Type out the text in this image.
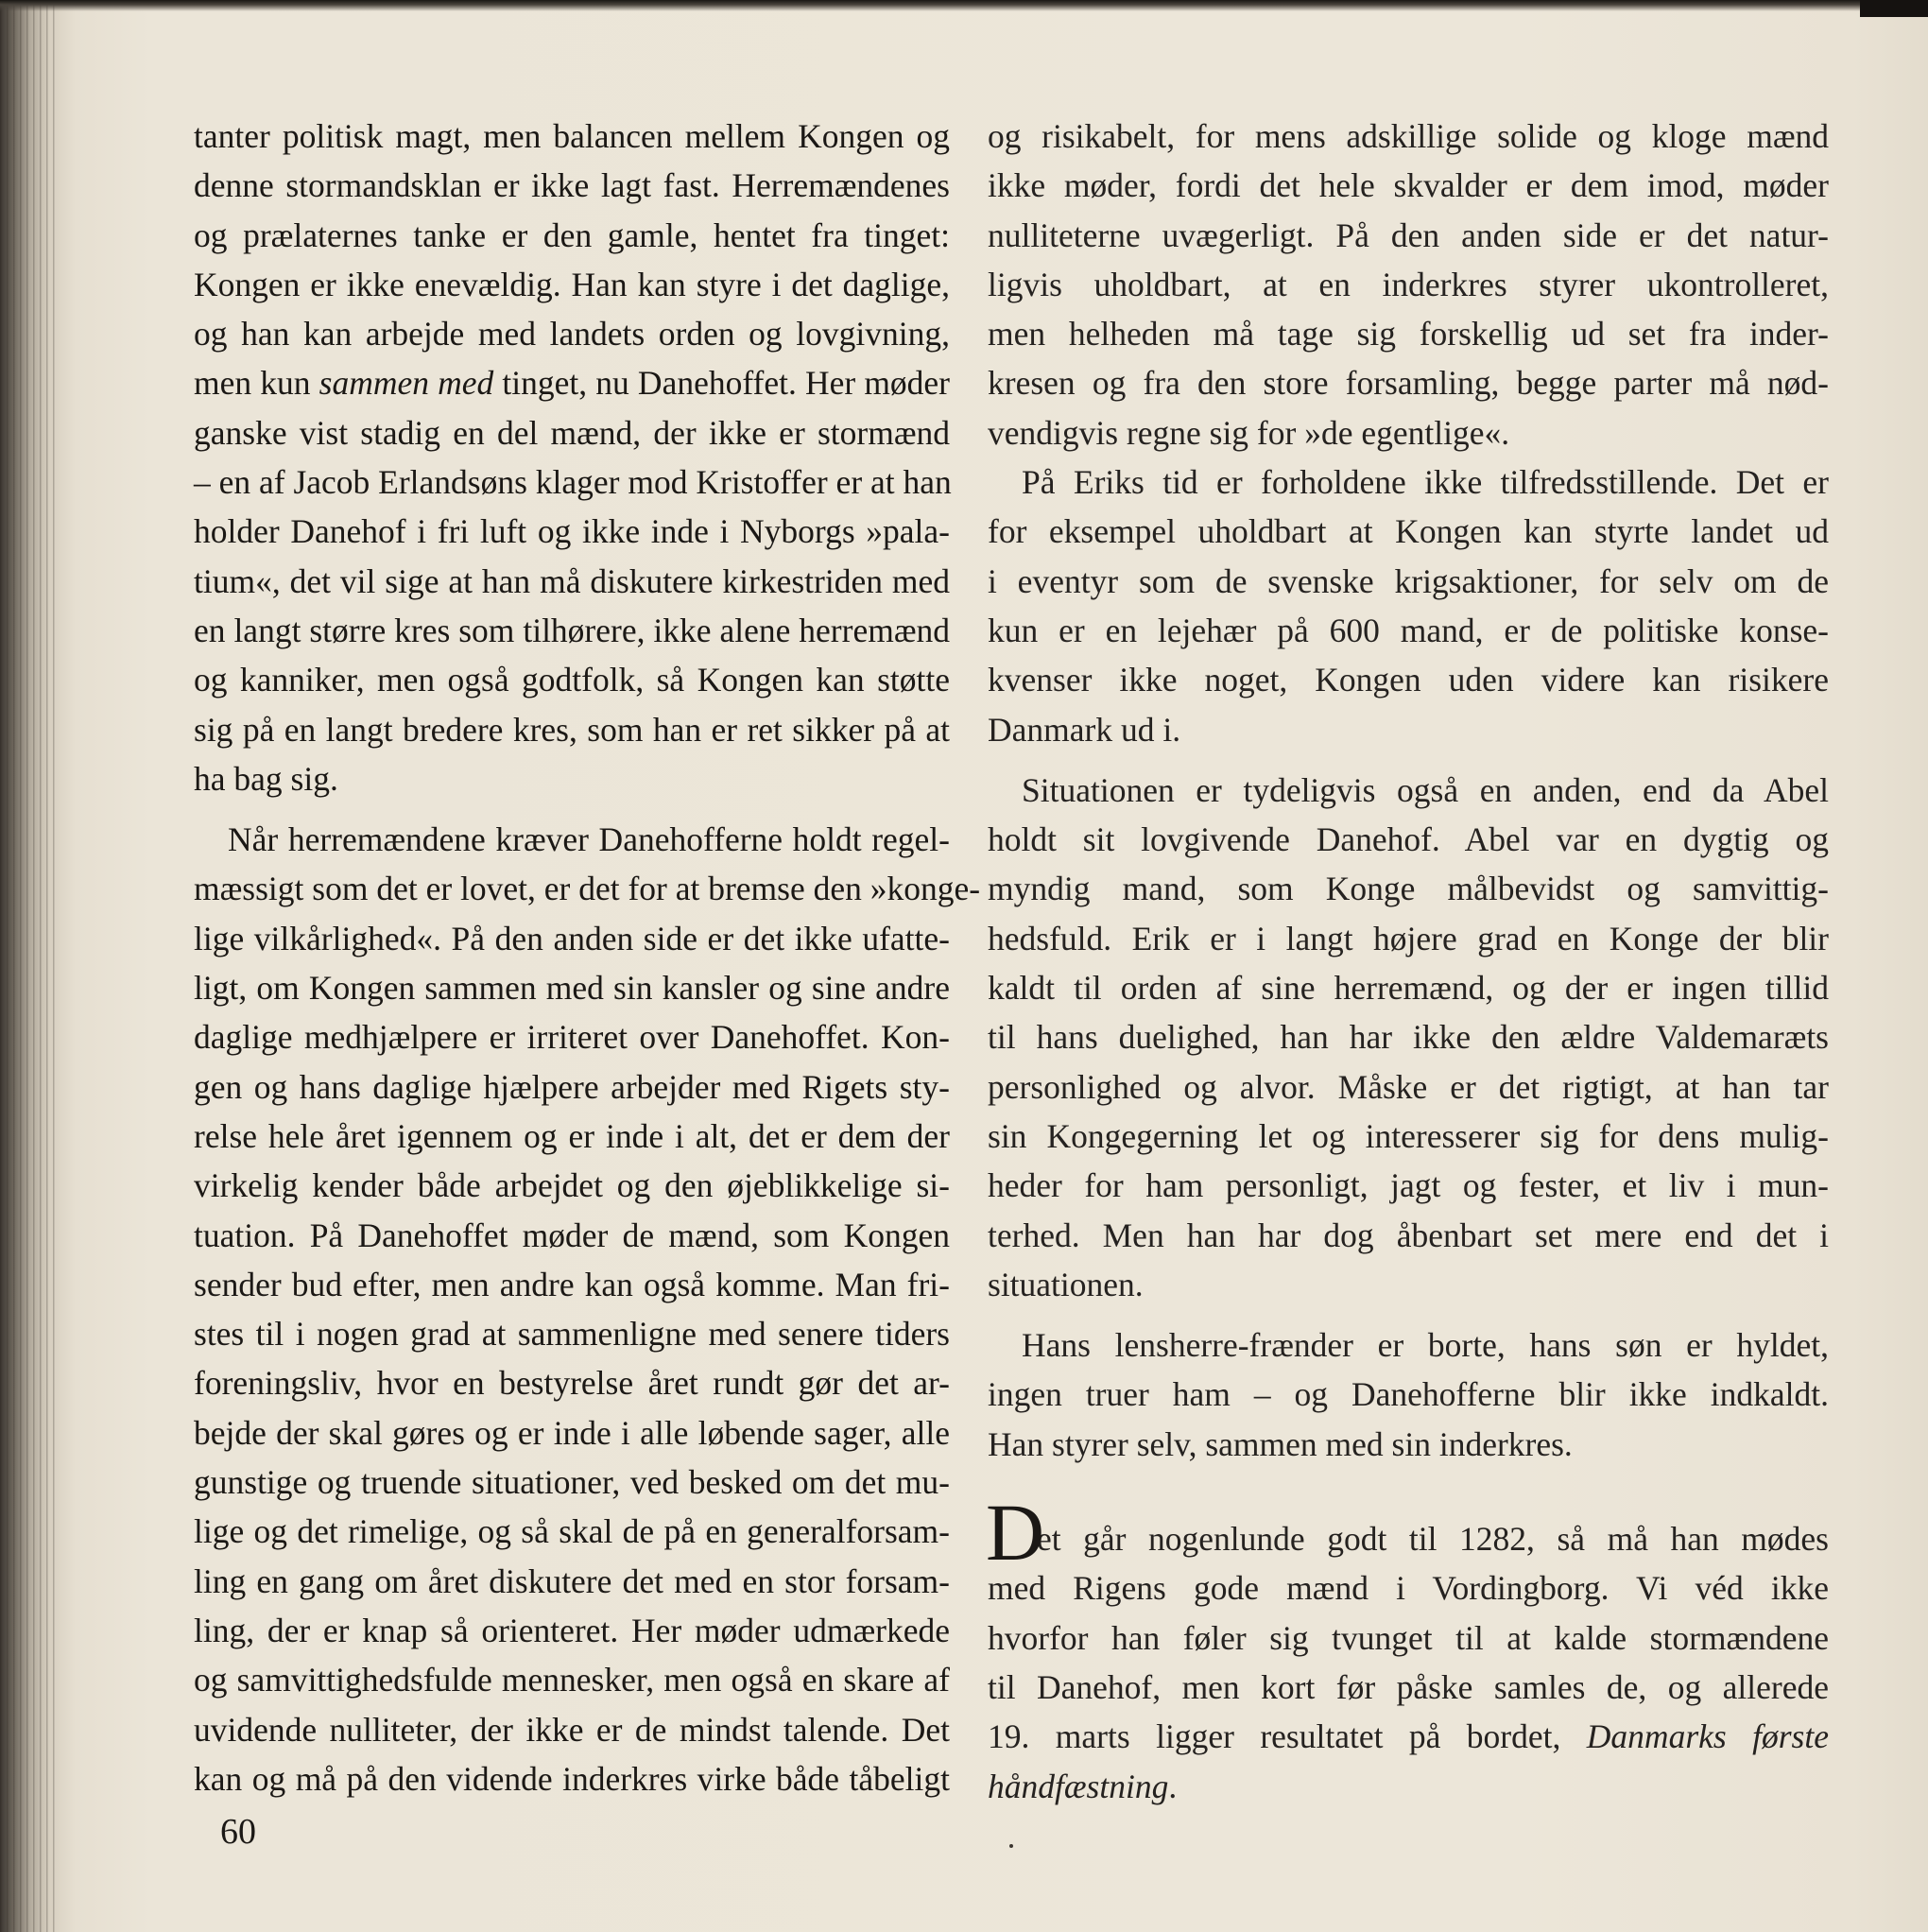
tanter politisk magt, men balancen mellem Kongen og
denne stormandsklan er ikke lagt fast. Herremændenes
og prælaternes tanke er den gamle, hentet fra tinget:
Kongen er ikke enevældig. Han kan styre i det daglige,
og han kan arbejde med landets orden og lovgivning,
men kun sammen med tinget, nu Danehoffet. Her møder
ganske vist stadig en del mænd, der ikke er stormænd
– en af Jacob Erlandsøns klager mod Kristoffer er at han
holder Danehof i fri luft og ikke inde i Nyborgs »pala-
tium«, det vil sige at han må diskutere kirkestriden med
en langt større kres som tilhørere, ikke alene herremænd
og kanniker, men også godtfolk, så Kongen kan støtte
sig på en langt bredere kres, som han er ret sikker på at
ha bag sig.
Når herremændene kræver Danehofferne holdt regel-
mæssigt som det er lovet, er det for at bremse den »konge-
lige vilkårlighed«. På den anden side er det ikke ufatte-
ligt, om Kongen sammen med sin kansler og sine andre
daglige medhjælpere er irriteret over Danehoffet. Kon-
gen og hans daglige hjælpere arbejder med Rigets sty-
relse hele året igennem og er inde i alt, det er dem der
virkelig kender både arbejdet og den øjeblikkelige si-
tuation. På Danehoffet møder de mænd, som Kongen
sender bud efter, men andre kan også komme. Man fri-
stes til i nogen grad at sammenligne med senere tiders
foreningsliv, hvor en bestyrelse året rundt gør det ar-
bejde der skal gøres og er inde i alle løbende sager, alle
gunstige og truende situationer, ved besked om det mu-
lige og det rimelige, og så skal de på en generalforsam-
ling en gang om året diskutere det med en stor forsam-
ling, der er knap så orienteret. Her møder udmærkede
og samvittighedsfulde mennesker, men også en skare af
uvidende nulliteter, der ikke er de mindst talende. Det
kan og må på den vidende inderkres virke både tåbeligt
og risikabelt, for mens adskillige solide og kloge mænd
ikke møder, fordi det hele skvalder er dem imod, møder
nulliteterne uvægerligt. På den anden side er det natur-
ligvis uholdbart, at en inderkres styrer ukontrolleret,
men helheden må tage sig forskellig ud set fra inder-
kresen og fra den store forsamling, begge parter må nød-
vendigvis regne sig for »de egentlige«.
På Eriks tid er forholdene ikke tilfredsstillende. Det er
for eksempel uholdbart at Kongen kan styrte landet ud
i eventyr som de svenske krigsaktioner, for selv om de
kun er en lejehær på 600 mand, er de politiske konse-
kvenser ikke noget, Kongen uden videre kan risikere
Danmark ud i.
Situationen er tydeligvis også en anden, end da Abel
holdt sit lovgivende Danehof. Abel var en dygtig og
myndig mand, som Konge målbevidst og samvittig-
hedsfuld. Erik er i langt højere grad en Konge der blir
kaldt til orden af sine herremænd, og der er ingen tillid
til hans duelighed, han har ikke den ældre Valdemaræts
personlighed og alvor. Måske er det rigtigt, at han tar
sin Kongegerning let og interesserer sig for dens mulig-
heder for ham personligt, jagt og fester, et liv i mun-
terhed. Men han har dog åbenbart set mere end det i
situationen.
Hans lensherre-frænder er borte, hans søn er hyldet,
ingen truer ham – og Danehofferne blir ikke indkaldt.
Han styrer selv, sammen med sin inderkres.
D
et går nogenlunde godt til 1282, så må han mødes
med Rigens gode mænd i Vordingborg. Vi véd ikke
hvorfor han føler sig tvunget til at kalde stormændene
til Danehof, men kort før påske samles de, og allerede
19. marts ligger resultatet på bordet, Danmarks første
håndfæstning.
60
